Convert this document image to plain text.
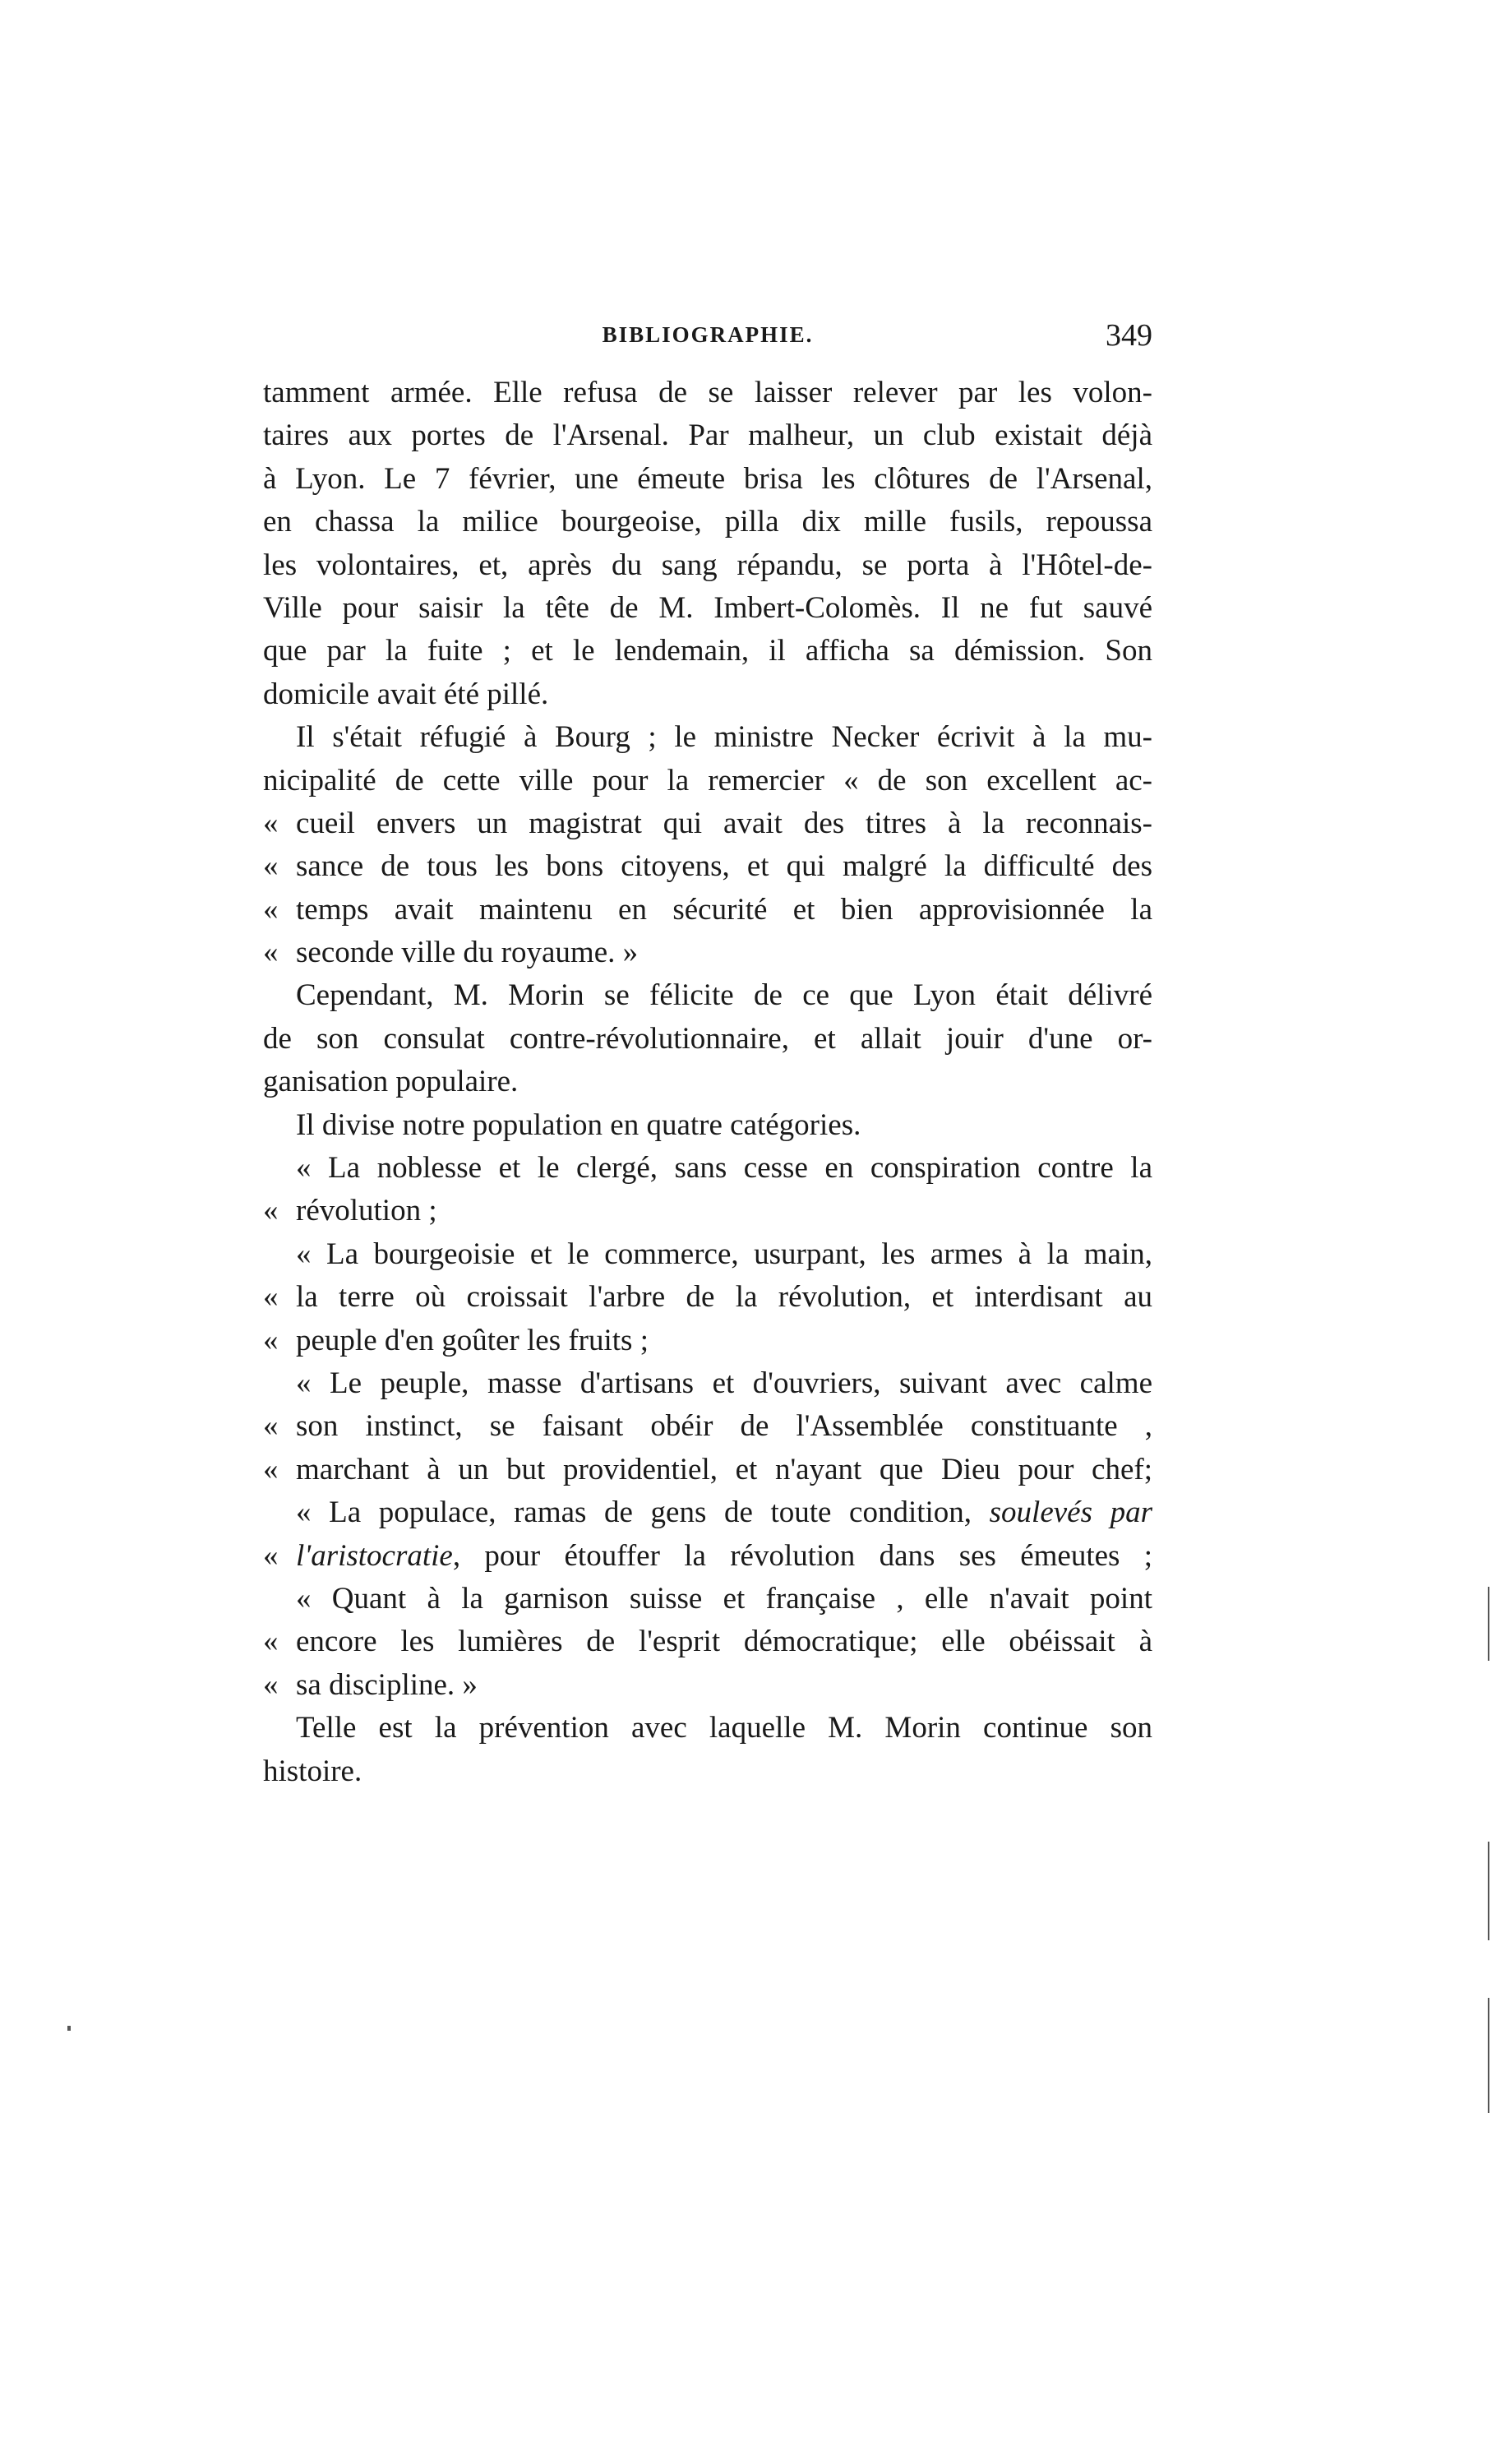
BIBLIOGRAPHIE.	349
tamment armée. Elle refusa de se laisser relever par les volon-
taires aux portes de l'Arsenal. Par malheur, un club existait déjà
à Lyon. Le 7 février, une émeute brisa les clôtures de l'Arsenal,
en chassa la milice bourgeoise, pilla dix mille fusils, repoussa
les volontaires, et, après du sang répandu, se porta à l'Hôtel-de-
Ville pour saisir la tête de M. Imbert-Colomès. Il ne fut sauvé
que par la fuite ; et le lendemain, il afficha sa démission. Son
domicile avait été pillé.
Il s'était réfugié à Bourg ; le ministre Necker écrivit à la mu-
nicipalité de cette ville pour la remercier « de son excellent ac-
« cueil envers un magistrat qui avait des titres à la reconnais-
« sance de tous les bons citoyens, et qui malgré la difficulté des
« temps avait maintenu en sécurité et bien approvisionnée la
« seconde ville du royaume. »
Cependant, M. Morin se félicite de ce que Lyon était délivré
de son consulat contre-révolutionnaire, et allait jouir d'une or-
ganisation populaire.
Il divise notre population en quatre catégories.
« La noblesse et le clergé, sans cesse en conspiration contre la
« révolution ;
« La bourgeoisie et le commerce, usurpant, les armes à la main,
« la terre où croissait l'arbre de la révolution, et interdisant au
« peuple d'en goûter les fruits ;
« Le peuple, masse d'artisans et d'ouvriers, suivant avec calme
« son instinct, se faisant obéir de l'Assemblée constituante ,
« marchant à un but providentiel, et n'ayant que Dieu pour chef;
« La populace, ramas de gens de toute condition, soulevés par
« l'aristocratie, pour étouffer la révolution dans ses émeutes ;
« Quant à la garnison suisse et française , elle n'avait point
« encore les lumières de l'esprit démocratique; elle obéissait à
« sa discipline. »
Telle est la prévention avec laquelle M. Morin continue son
histoire.
